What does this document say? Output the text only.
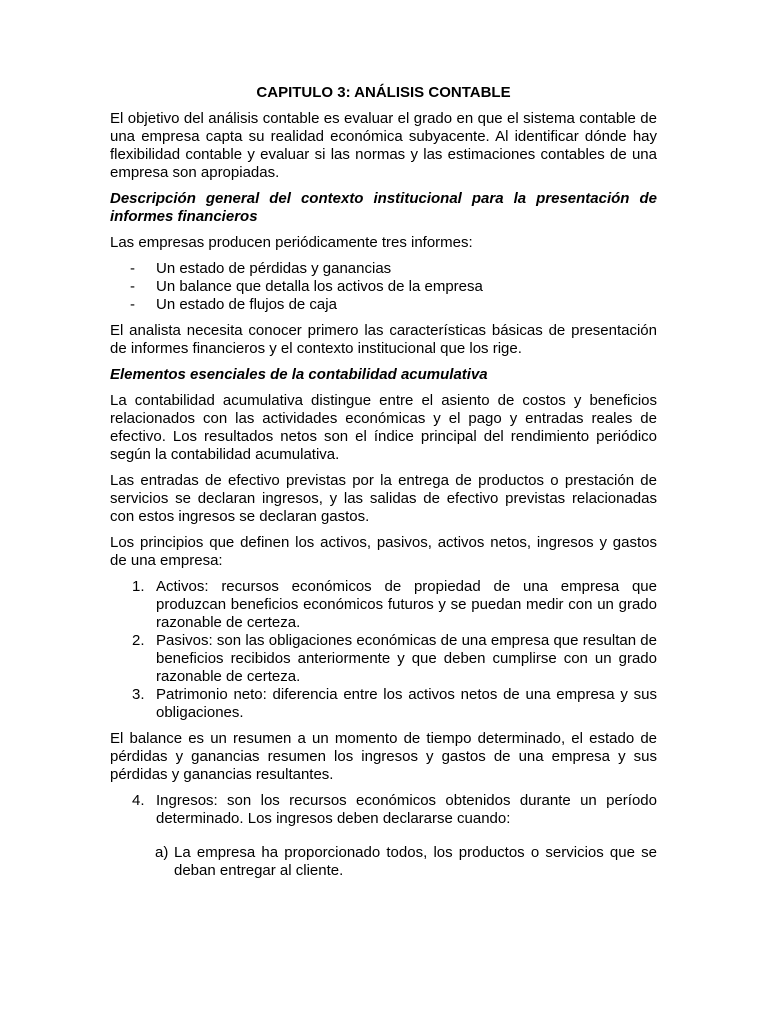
CAPITULO 3: ANÁLISIS CONTABLE

El objetivo del análisis contable es evaluar el grado en que el sistema contable de una empresa capta su realidad económica subyacente. Al identificar dónde hay flexibilidad contable y evaluar si las normas y las estimaciones contables de una empresa son apropiadas.

Descripción general del contexto institucional para la presentación de informes financieros

Las empresas producen periódicamente tres informes:

- Un estado de pérdidas y ganancias
- Un balance que detalla los activos de la empresa
- Un estado de flujos de caja

El analista necesita conocer primero las características básicas de presentación de informes financieros y el contexto institucional que los rige.

Elementos esenciales de la contabilidad acumulativa

La contabilidad acumulativa distingue entre el asiento de costos y beneficios relacionados con las actividades económicas y el pago y entradas reales de efectivo. Los resultados netos son el índice principal del rendimiento periódico según la contabilidad acumulativa.

Las entradas de efectivo previstas por la entrega de productos o prestación de servicios se declaran ingresos, y las salidas de efectivo previstas relacionadas con estos ingresos se declaran gastos.

Los principios que definen los activos, pasivos, activos netos, ingresos y gastos de una empresa:

1. Activos: recursos económicos de propiedad de una empresa que produzcan beneficios económicos futuros y se puedan medir con un grado razonable de certeza.
2. Pasivos: son las obligaciones económicas de una empresa que resultan de beneficios recibidos anteriormente y que deben cumplirse con un grado razonable de certeza.
3. Patrimonio neto: diferencia entre los activos netos de una empresa y sus obligaciones.

El balance es un resumen a un momento de tiempo determinado, el estado de pérdidas y ganancias resumen los ingresos y gastos de una empresa y sus pérdidas y ganancias resultantes.

4. Ingresos: son los recursos económicos obtenidos durante un período determinado. Los ingresos deben declararse cuando:
a) La empresa ha proporcionado todos, los productos o servicios que se deban entregar al cliente.
